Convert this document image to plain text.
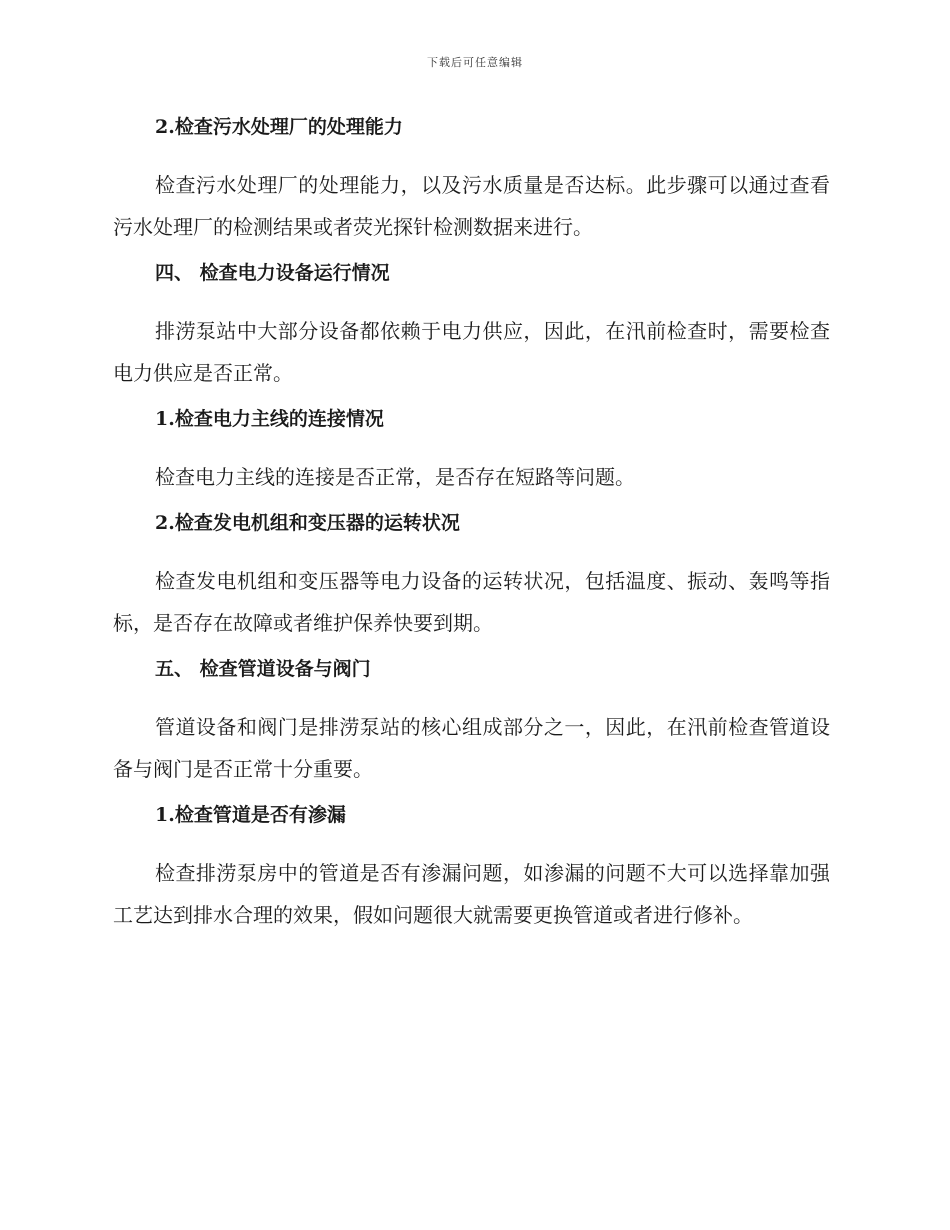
下载后可任意编辑
2.检查污水处理厂的处理能力
检查污水处理厂的处理能力，以及污水质量是否达标。此步骤可以通过查看污水处理厂的检测结果或者荧光探针检测数据来进行。
四、 检查电力设备运行情况
排涝泵站中大部分设备都依赖于电力供应，因此，在汛前检查时，需要检查电力供应是否正常。
1.检查电力主线的连接情况
检查电力主线的连接是否正常，是否存在短路等问题。
2.检查发电机组和变压器的运转状况
检查发电机组和变压器等电力设备的运转状况，包括温度、振动、轰鸣等指标，是否存在故障或者维护保养快要到期。
五、 检查管道设备与阀门
管道设备和阀门是排涝泵站的核心组成部分之一，因此，在汛前检查管道设备与阀门是否正常十分重要。
1.检查管道是否有渗漏
检查排涝泵房中的管道是否有渗漏问题，如渗漏的问题不大可以选择靠加强工艺达到排水合理的效果，假如问题很大就需要更换管道或者进行修补。
